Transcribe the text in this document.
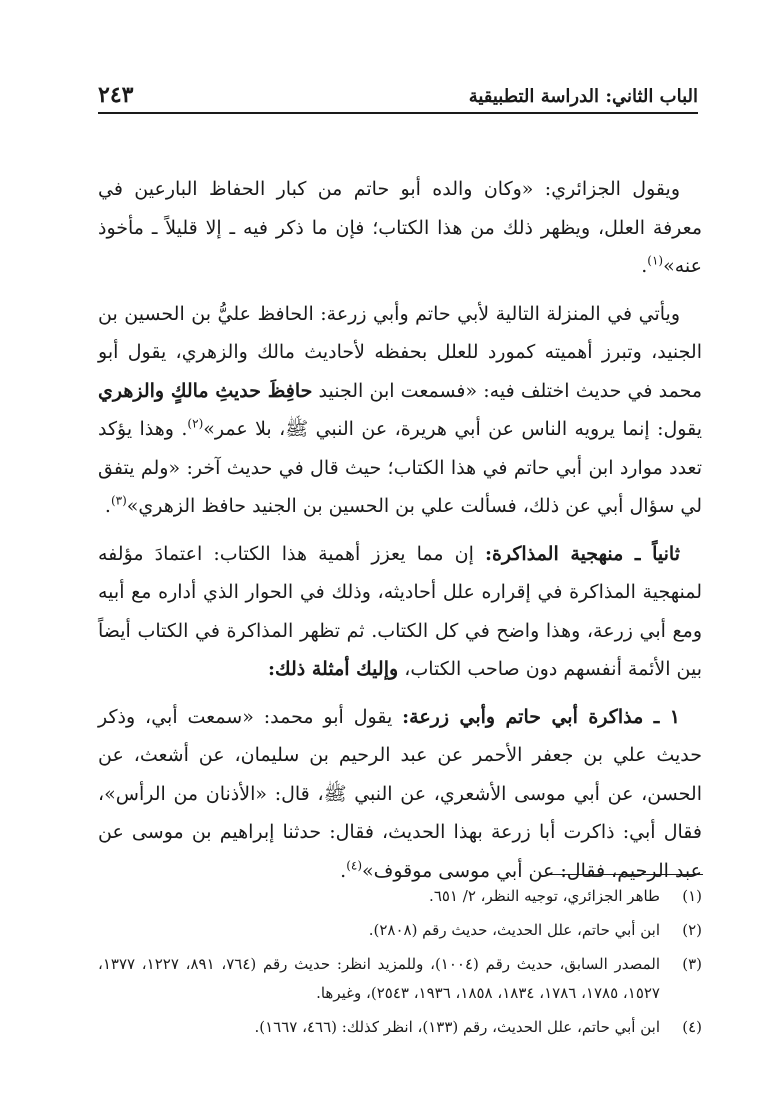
الباب الثاني: الدراسة التطبيقية
٢٤٣

ويقول الجزائري: «وكان والده أبو حاتم من كبار الحفاظ البارعين في معرفة العلل، ويظهر ذلك من هذا الكتاب؛ فإن ما ذكر فيه ـ إلا قليلاً ـ مأخوذ عنه»$^{(١)}$.

ويأتي في المنزلة التالية لأبي حاتم وأبي زرعة: الحافظ عليُّ بن الحسين بن الجنيد، وتبرز أهميته كمورد للعلل بحفظه لأحاديث مالك والزهري، يقول أبو محمد في حديث اختلف فيه: «فسمعت ابن الجنيد حافِظَ حديثِ مالكٍ والزهري يقول: إنما يرويه الناس عن أبي هريرة، عن النبي ﷺ، بلا عمر»$^{(٢)}$. وهذا يؤكد تعدد موارد ابن أبي حاتم في هذا الكتاب؛ حيث قال في حديث آخر: «ولم يتفق لي سؤال أبي عن ذلك، فسألت علي بن الحسين بن الجنيد حافظ الزهري»$^{(٣)}$.

ثانياً ـ منهجية المذاكرة: إن مما يعزز أهمية هذا الكتاب: اعتمادَ مؤلفه لمنهجية المذاكرة في إقراره علل أحاديثه، وذلك في الحوار الذي أداره مع أبيه ومع أبي زرعة، وهذا واضح في كل الكتاب. ثم تظهر المذاكرة في الكتاب أيضاً بين الأئمة أنفسهم دون صاحب الكتاب، وإليك أمثلة ذلك:

١ ـ مذاكرة أبي حاتم وأبي زرعة: يقول أبو محمد: «سمعت أبي، وذكر حديث علي بن جعفر الأحمر عن عبد الرحيم بن سليمان، عن أشعث، عن الحسن، عن أبي موسى الأشعري، عن النبي ﷺ، قال: «الأذنان من الرأس»، فقال أبي: ذاكرت أبا زرعة بهذا الحديث، فقال: حدثنا إبراهيم بن موسى عن عبد الرحيم، فقال: عن أبي موسى موقوف»$^{(٤)}$.

(١)
طاهر الجزائري، توجيه النظر، ٢/ ٦٥١.
(٢)
ابن أبي حاتم، علل الحديث، حديث رقم (٢٨٠٨).
(٣)
المصدر السابق، حديث رقم (١٠٠٤)، وللمزيد انظر: حديث رقم (٧٦٤، ٨٩١، ١٢٢٧، ١٣٧٧، ١٥٢٧، ١٧٨٥، ١٧٨٦، ١٨٣٤، ١٨٥٨، ١٩٣٦، ٢٥٤٣)، وغيرها.
(٤)
ابن أبي حاتم، علل الحديث، رقم (١٣٣)، انظر كذلك: (٤٦٦، ١٦٦٧).
